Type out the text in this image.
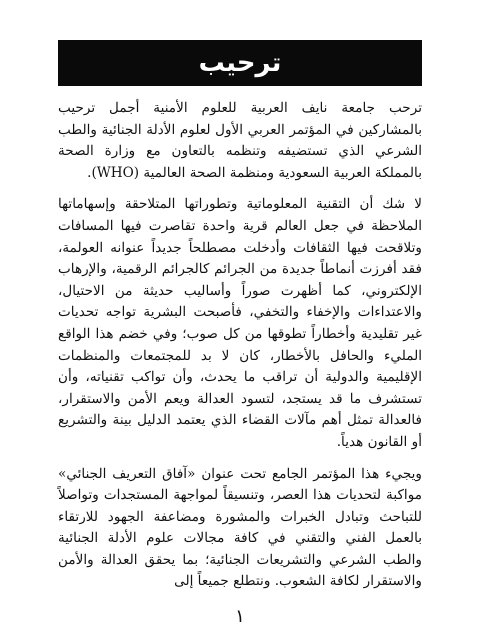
ترحيب

ترحب جامعة نايف العربية للعلوم الأمنية أجمل ترحيب بالمشاركين في المؤتمر العربي الأول لعلوم الأدلة الجنائية والطب الشرعي الذي تستضيفه وتنظمه بالتعاون مع وزارة الصحة بالمملكة العربية السعودية ومنظمة الصحة العالمية (WHO).

لا شك أن التقنية المعلوماتية وتطوراتها المتلاحقة وإسهاماتها الملاحظة في جعل العالم قرية واحدة تقاصرت فيها المسافات وتلاقحت فيها الثقافات وأدخلت مصطلحاً جديداً عنوانه العولمة، فقد أفرزت أنماطاً جديدة من الجرائم كالجرائم الرقمية، والإرهاب الإلكتروني، كما أظهرت صوراً وأساليب حديثة من الاحتيال، والاعتداءات والإخفاء والتخفي، فأصبحت البشرية تواجه تحديات غير تقليدية وأخطاراً تطوقها من كل صوب؛ وفي خضم هذا الواقع المليء والحافل بالأخطار، كان لا بد للمجتمعات والمنظمات الإقليمية والدولية أن تراقب ما يحدث، وأن تواكب تقنياته، وأن تستشرف ما قد يستجد، لتسود العدالة ويعم الأمن والاستقرار، فالعدالة تمثل أهم مآلات القضاء الذي يعتمد الدليل بينة والتشريع أو القانون هدياً.

ويجيء هذا المؤتمر الجامع تحت عنوان «آفاق التعريف الجنائي» مواكبة لتحديات هذا العصر، وتنسيقاً لمواجهة المستجدات وتواصلاً للتباحث وتبادل الخبرات والمشورة ومضاعفة الجهود للارتقاء بالعمل الفني والتقني في كافة مجالات علوم الأدلة الجنائية والطب الشرعي والتشريعات الجنائية؛ بما يحقق العدالة والأمن والاستقرار لكافة الشعوب. ونتطلع جميعاً إلى

١
